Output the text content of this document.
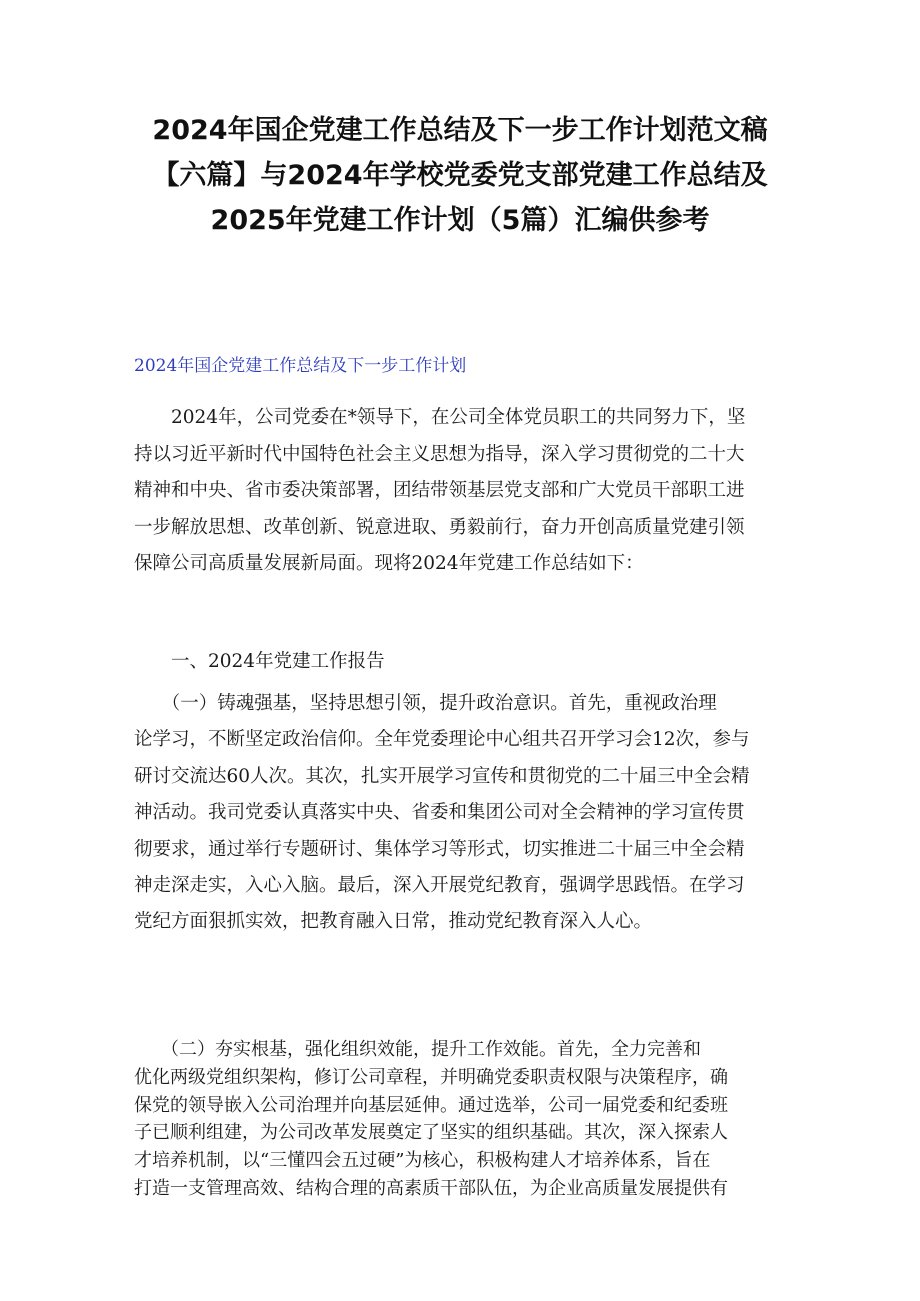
2024年国企党建工作总结及下一步工作计划范文稿
【六篇】与2024年学校党委党支部党建工作总结及
2025年党建工作计划（5篇）汇编供参考
2024年国企党建工作总结及下一步工作计划
　　2024年，公司党委在*领导下，在公司全体党员职工的共同努力下，坚
持以习近平新时代中国特色社会主义思想为指导，深入学习贯彻党的二十大
精神和中央、省市委决策部署，团结带领基层党支部和广大党员干部职工进
一步解放思想、改革创新、锐意进取、勇毅前行，奋力开创高质量党建引领
保障公司高质量发展新局面。现将2024年党建工作总结如下：
　　一、2024年党建工作报告
　　（一）铸魂强基，坚持思想引领，提升政治意识。首先，重视政治理
论学习，不断坚定政治信仰。全年党委理论中心组共召开学习会12次，参与
研讨交流达60人次。其次，扎实开展学习宣传和贯彻党的二十届三中全会精
神活动。我司党委认真落实中央、省委和集团公司对全会精神的学习宣传贯
彻要求，通过举行专题研讨、集体学习等形式，切实推进二十届三中全会精
神走深走实，入心入脑。最后，深入开展党纪教育，强调学思践悟。在学习
党纪方面狠抓实效，把教育融入日常，推动党纪教育深入人心。
　　（二）夯实根基，强化组织效能，提升工作效能。首先，全力完善和
优化两级党组织架构，修订公司章程，并明确党委职责权限与决策程序，确
保党的领导嵌入公司治理并向基层延伸。通过选举，公司一届党委和纪委班
子已顺利组建，为公司改革发展奠定了坚实的组织基础。其次，深入探索人
才培养机制，以“三懂四会五过硬”为核心，积极构建人才培养体系，旨在
打造一支管理高效、结构合理的高素质干部队伍，为企业高质量发展提供有
